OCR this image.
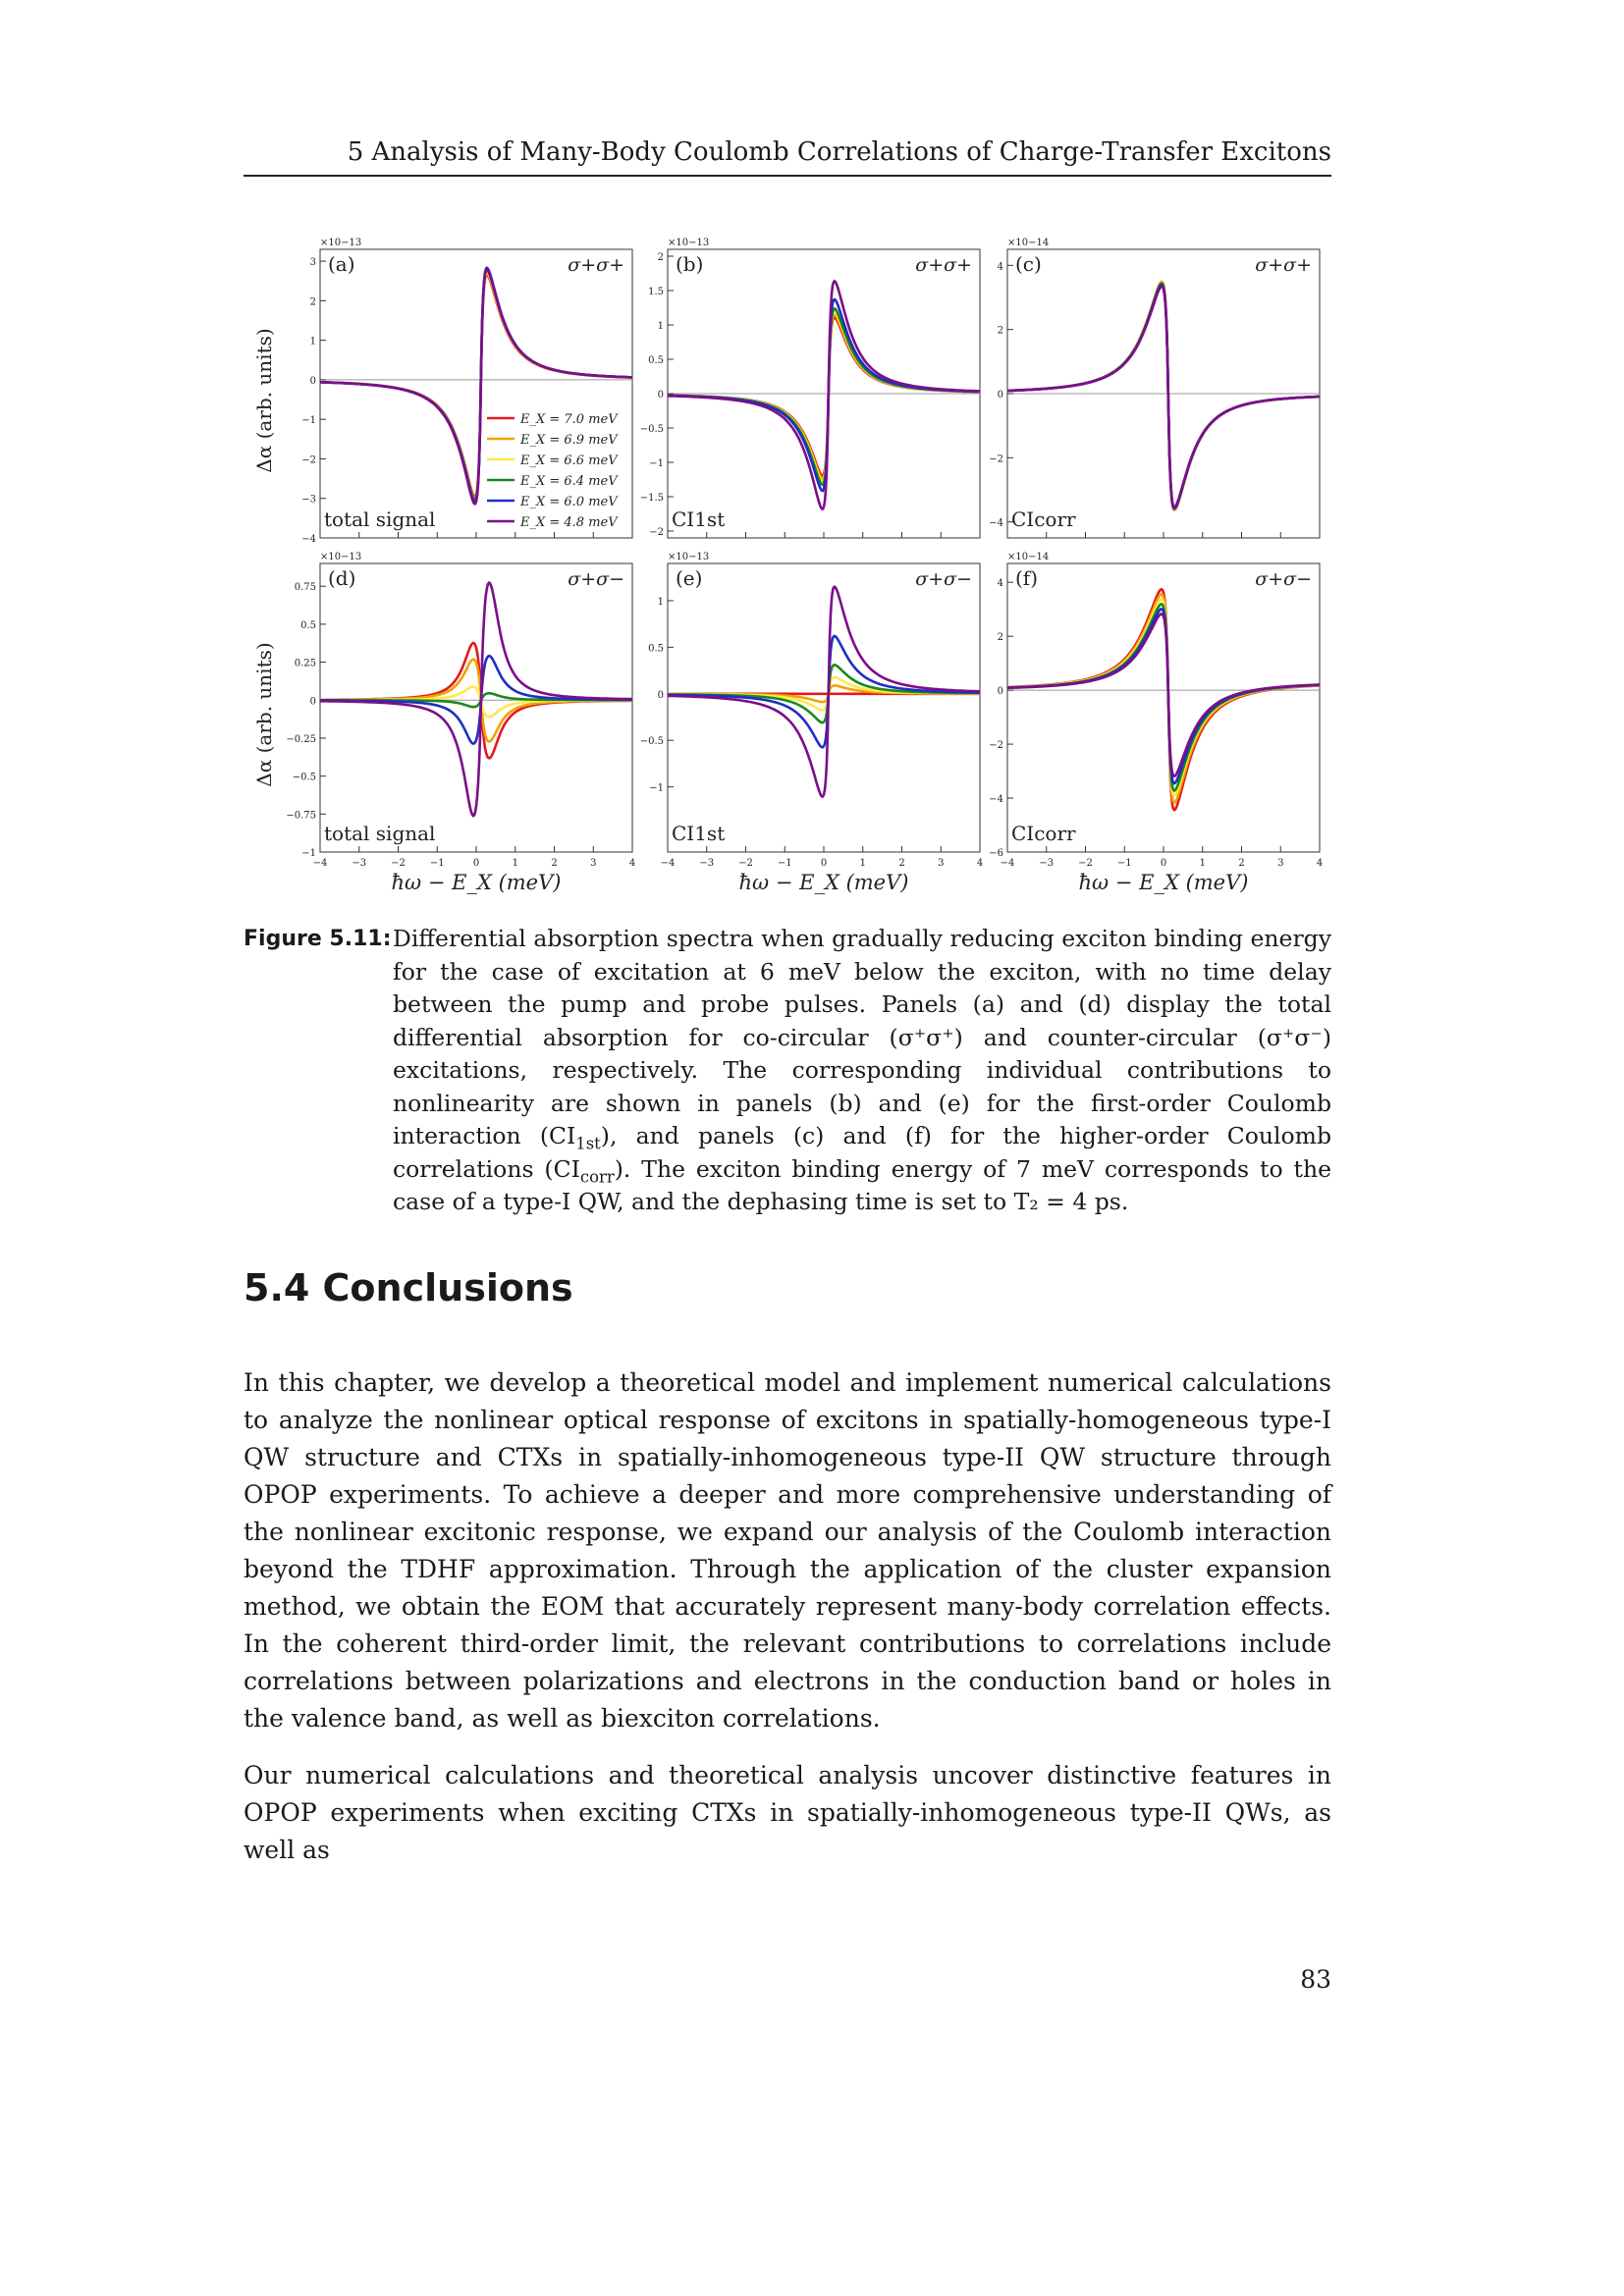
5 Analysis of Many-Body Coulomb Correlations of Charge-Transfer Excitons
−4
−3
−2
−1
0
1
2
3
×10−13
(a)	σ+σ+
total signal
−2
−1.5
−1
−0.5
0
0.5
1
1.5
2
×10−13
(b)	σ+σ+
CI1st	−4
−2
0
2
4
×10−14
(c)	σ+σ+
CIcorr
−1
−0.75
−0.5
−0.25
0
0.25
0.5
0.75
−4	−3	−2	−1	0	1	2	3	4
×10−13
(d)	σ+σ−
total signal
−1
−0.5
0
0.5
1
−4	−3	−2	−1	0	1	2	3	4
×10−13
(e)	σ+σ−
CI1st
−6
−4
−2
0
2
4
−4	−3	−2	−1	0	1	2	3	4
×10−14
(f)	σ+σ−
CIcorr
Δα (arb. units)
Δα (arb. units)
ħω − E_X (meV)	ħω − E_X (meV)	ħω − E_X (meV)
E_X = 7.0 meV
E_X = 6.9 meV
E_X = 6.6 meV
E_X = 6.4 meV
E_X = 6.0 meV
E_X = 4.8 meV
Figure 5.11: Differential absorption spectra when gradually reducing exciton binding energy for the case of excitation at 6 meV below the exciton, with no time delay between the pump and probe pulses. Panels (a) and (d) display the total differential absorption for co-circular (σ⁺σ⁺) and counter-circular (σ⁺σ⁻) excitations, respectively. The corresponding individual contributions to nonlinearity are shown in panels (b) and (e) for the first-order Coulomb interaction $(CI_{1st})$, and panels (c) and (f) for the higher-order Coulomb correlations $(CI_{corr})$. The exciton binding energy of 7 meV corresponds to the case of a type-I QW, and the dephasing time is set to T₂ = 4 ps.
5.4 Conclusions

In this chapter, we develop a theoretical model and implement numerical calculations to analyze the nonlinear optical response of excitons in spatially-homogeneous type-I QW structure and CTXs in spatially-inhomogeneous type-II QW structure through OPOP experiments. To achieve a deeper and more comprehensive understanding of the nonlinear excitonic response, we expand our analysis of the Coulomb interaction beyond the TDHF approximation. Through the application of the cluster expansion method, we obtain the EOM that accurately represent many-body correlation effects. In the coherent third-order limit, the relevant contributions to correlations include correlations between polarizations and electrons in the conduction band or holes in the valence band, as well as biexciton correlations.

Our numerical calculations and theoretical analysis uncover distinctive features in OPOP experiments when exciting CTXs in spatially-inhomogeneous type-II QWs, as well as

83
